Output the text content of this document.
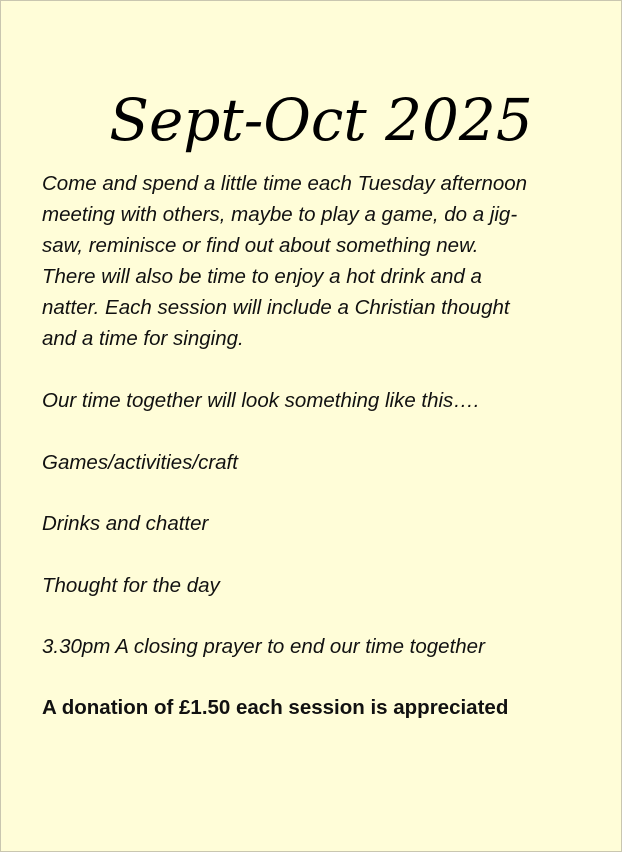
Sept-Oct 2025
Come and spend a little time each Tuesday afternoon
meeting with others, maybe to play a game, do a jig-
saw, reminisce or find out about something new.
There will also be time to enjoy a hot drink and a
natter. Each session will include a Christian thought
and a time for singing.
Our time together will look something like this….
Games/activities/craft
Drinks and chatter
Thought for the day
3.30pm A closing prayer to end our time together
A donation of £1.50 each session is appreciated
